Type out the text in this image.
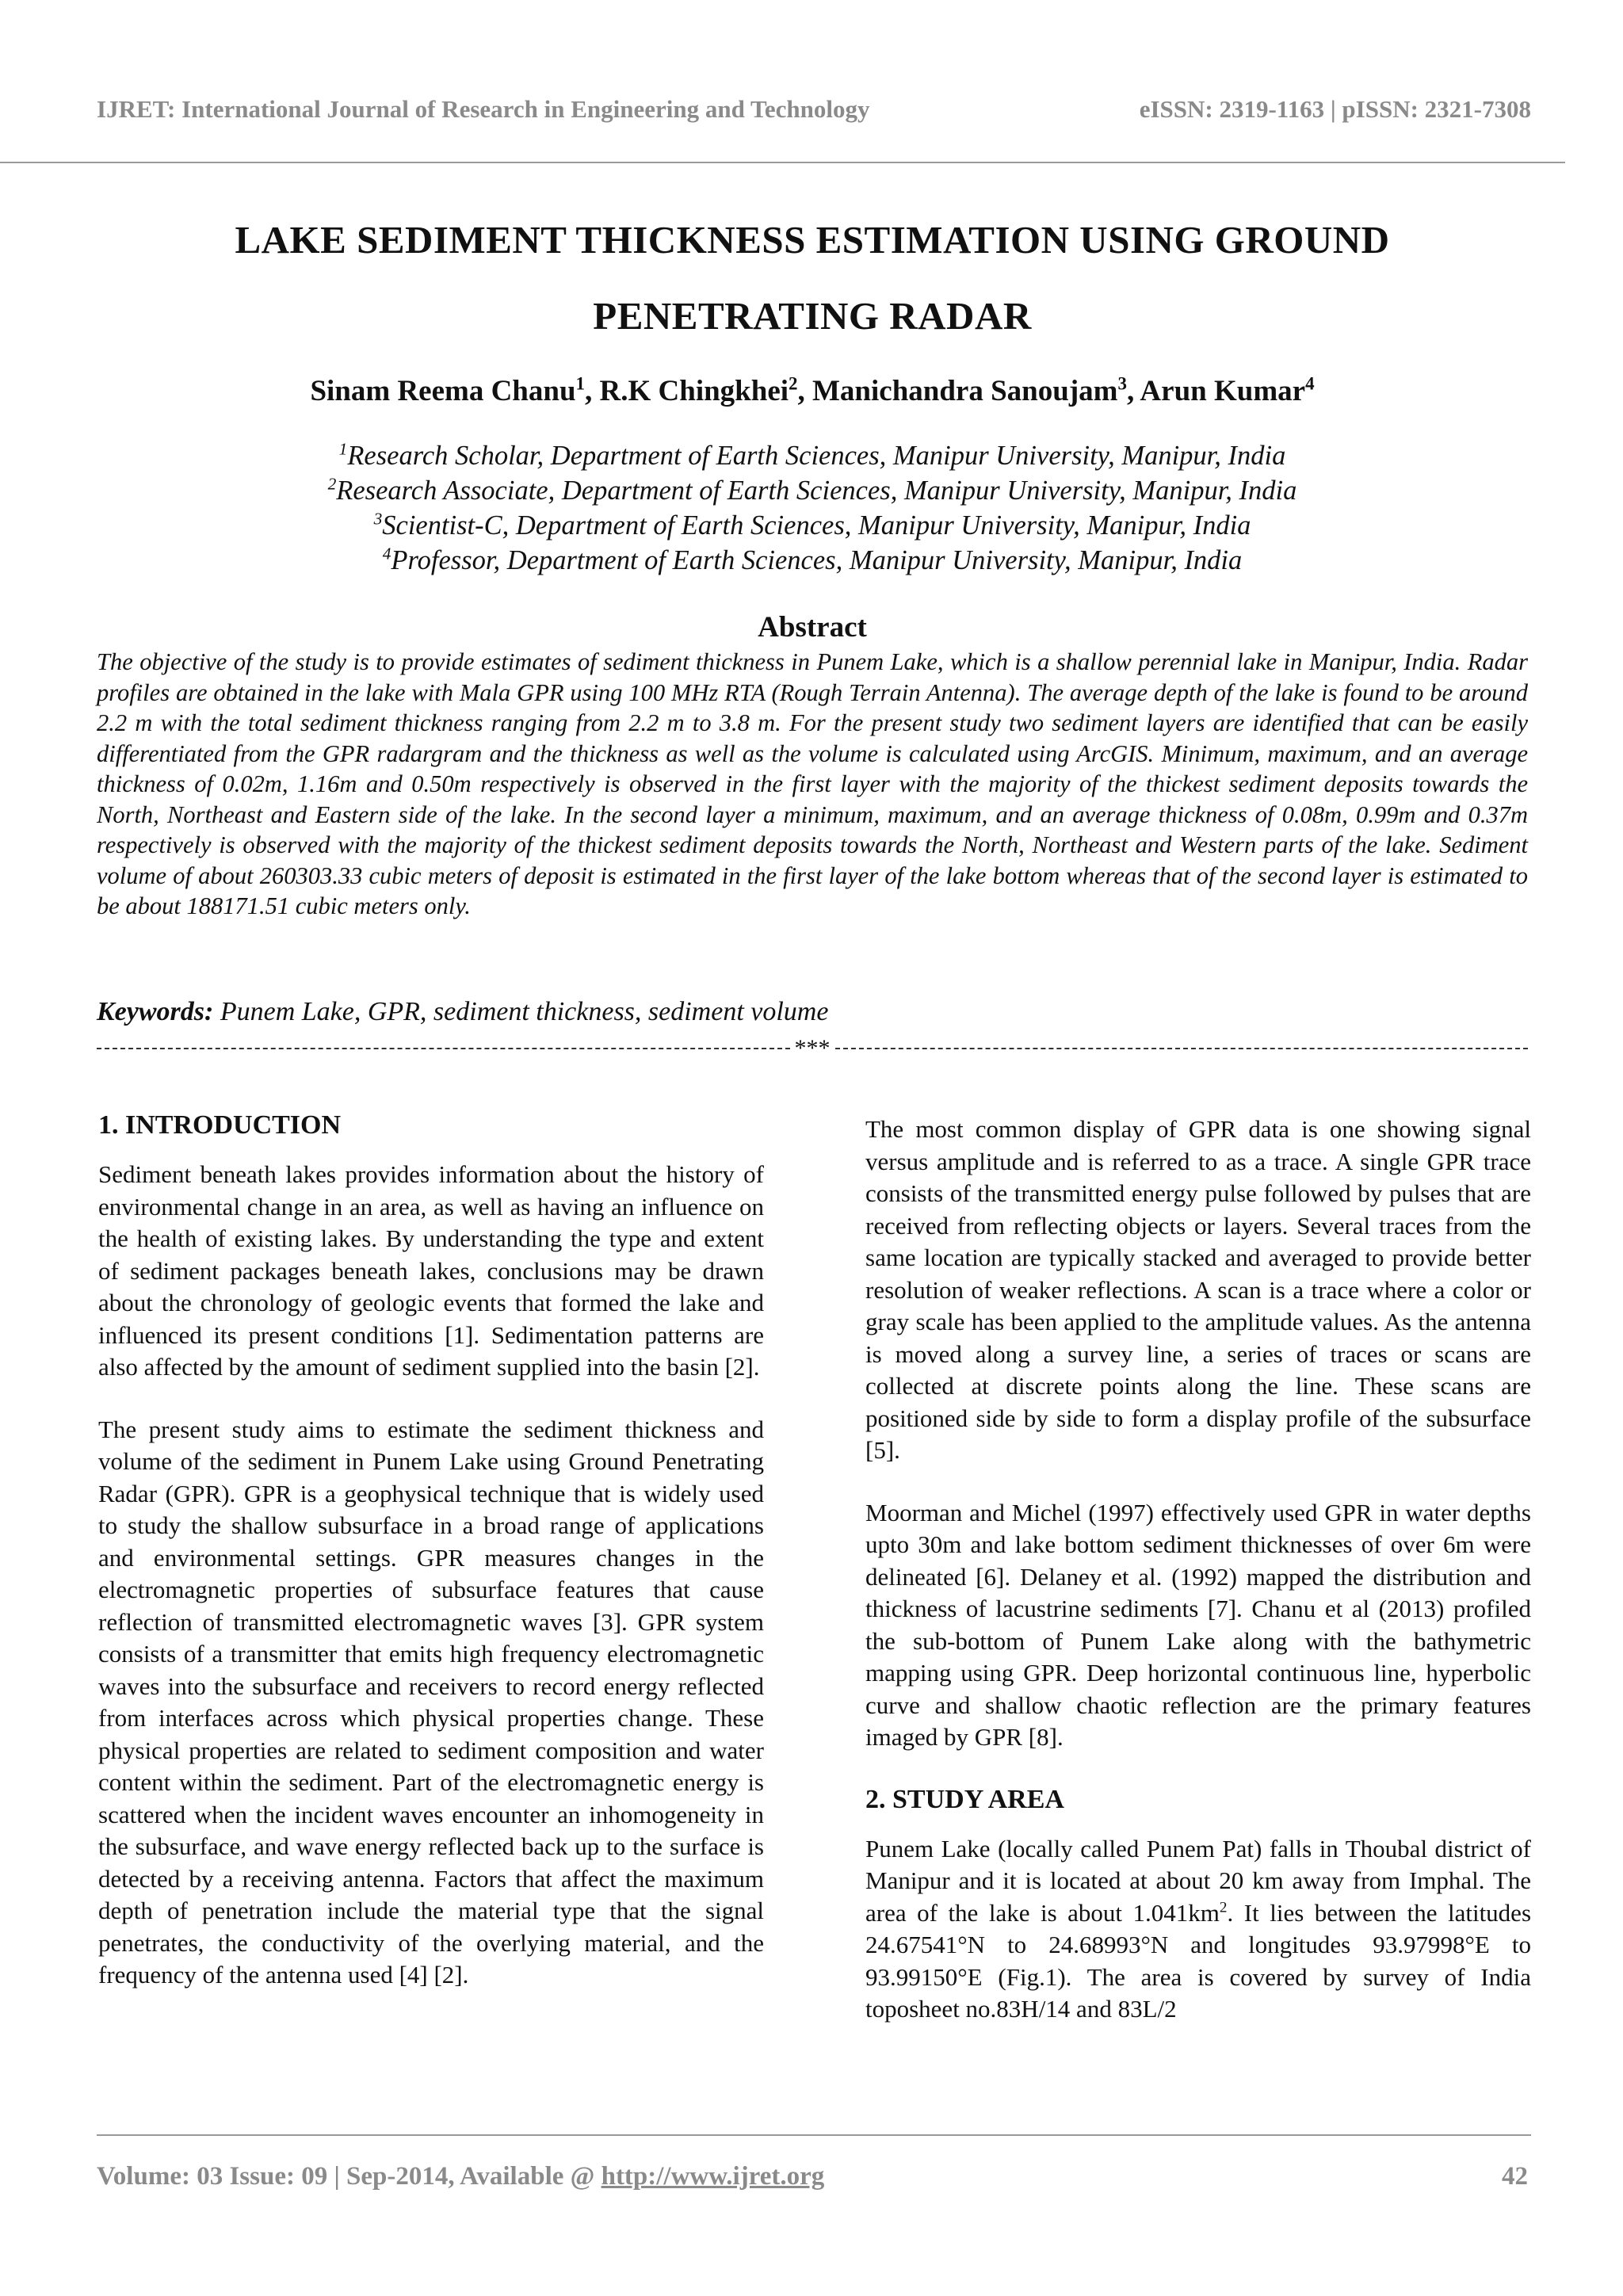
IJRET: International Journal of Research in Engineering and Technology	eISSN: 2319-1163 | pISSN: 2321-7308
LAKE SEDIMENT THICKNESS ESTIMATION USING GROUND
PENETRATING RADAR
Sinam Reema Chanu$^1$, R.K Chingkhei$^2$, Manichandra Sanoujam$^3$, Arun Kumar$^4$
$^1$Research Scholar, Department of Earth Sciences, Manipur University, Manipur, India
$^2$Research Associate, Department of Earth Sciences, Manipur University, Manipur, India
$^3$Scientist-C, Department of Earth Sciences, Manipur University, Manipur, India
$^4$Professor, Department of Earth Sciences, Manipur University, Manipur, India
Abstract

The objective of the study is to provide estimates of sediment thickness in Punem Lake, which is a shallow perennial lake in Manipur, India. Radar profiles are obtained in the lake with Mala GPR using 100 MHz RTA (Rough Terrain Antenna). The average depth of the lake is found to be around 2.2 m with the total sediment thickness ranging from 2.2 m to 3.8 m. For the present study two sediment layers are identified that can be easily differentiated from the GPR radargram and the thickness as well as the volume is calculated using ArcGIS. Minimum, maximum, and an average thickness of 0.02m, 1.16m and 0.50m respectively is observed in the first layer with the majority of the thickest sediment deposits towards the North, Northeast and Eastern side of the lake. In the second layer a minimum, maximum, and an average thickness of 0.08m, 0.99m and 0.37m respectively is observed with the majority of the thickest sediment deposits towards the North, Northeast and Western parts of the lake. Sediment volume of about 260303.33 cubic meters of deposit is estimated in the first layer of the lake bottom whereas that of the second layer is estimated to be about 188171.51 cubic meters only.

Keywords: Punem Lake, GPR, sediment thickness, sediment volume
***
1. INTRODUCTION

Sediment beneath lakes provides information about the history of environmental change in an area, as well as having an influence on the health of existing lakes. By understanding the type and extent of sediment packages beneath lakes, conclusions may be drawn about the chronology of geologic events that formed the lake and influenced its present conditions [1]. Sedimentation patterns are also affected by the amount of sediment supplied into the basin [2].

The present study aims to estimate the sediment thickness and volume of the sediment in Punem Lake using Ground Penetrating Radar (GPR). GPR is a geophysical technique that is widely used to study the shallow subsurface in a broad range of applications and environmental settings. GPR measures changes in the electromagnetic properties of subsurface features that cause reflection of transmitted electromagnetic waves [3]. GPR system consists of a transmitter that emits high frequency electromagnetic waves into the subsurface and receivers to record energy reflected from interfaces across which physical properties change. These physical properties are related to sediment composition and water content within the sediment. Part of the electromagnetic energy is scattered when the incident waves encounter an inhomogeneity in the subsurface, and wave energy reflected back up to the surface is detected by a receiving antenna. Factors that affect the maximum depth of penetration include the material type that the signal penetrates, the conductivity of the overlying material, and the frequency of the antenna used [4] [2].

The most common display of GPR data is one showing signal versus amplitude and is referred to as a trace. A single GPR trace consists of the transmitted energy pulse followed by pulses that are received from reflecting objects or layers. Several traces from the same location are typically stacked and averaged to provide better resolution of weaker reflections. A scan is a trace where a color or gray scale has been applied to the amplitude values. As the antenna is moved along a survey line, a series of traces or scans are collected at discrete points along the line. These scans are positioned side by side to form a display profile of the subsurface [5].

Moorman and Michel (1997) effectively used GPR in water depths upto 30m and lake bottom sediment thicknesses of over 6m were delineated [6]. Delaney et al. (1992) mapped the distribution and thickness of lacustrine sediments [7]. Chanu et al (2013) profiled the sub-bottom of Punem Lake along with the bathymetric mapping using GPR. Deep horizontal continuous line, hyperbolic curve and shallow chaotic reflection are the primary features imaged by GPR [8].

2. STUDY AREA

Punem Lake (locally called Punem Pat) falls in Thoubal district of Manipur and it is located at about 20 km away from Imphal. The area of the lake is about $1.041km^2$. It lies between the latitudes 24.67541°N to 24.68993°N and longitudes 93.97998°E to 93.99150°E (Fig.1). The area is covered by survey of India toposheet no.83H/14 and 83L/2

Volume: 03 Issue: 09 | Sep-2014, Available @ http://www.ijret.org	42
